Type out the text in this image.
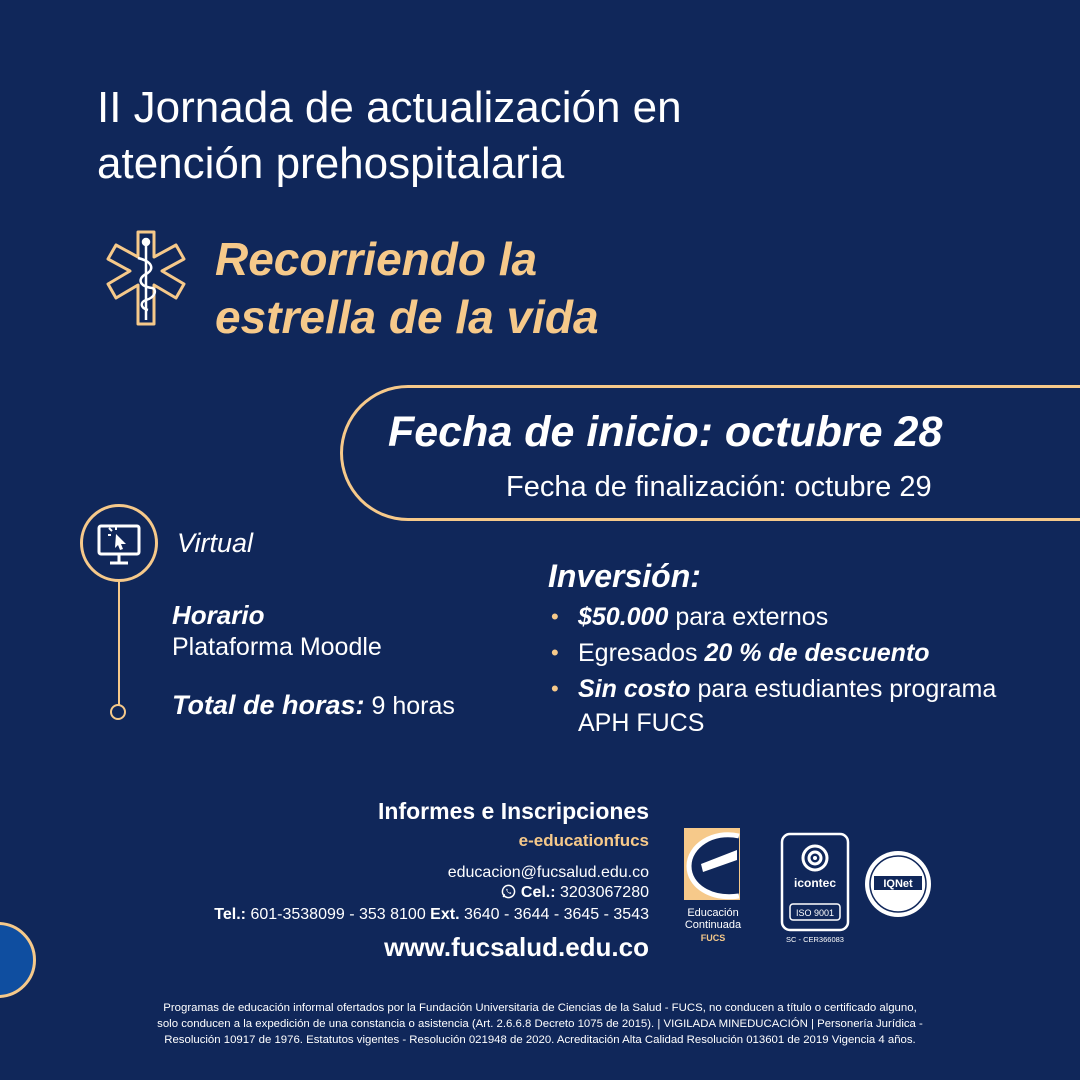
II Jornada de actualización en
atención prehospitalaria
Recorriendo la
estrella de la vida
Fecha de inicio: octubre 28
Fecha de finalización: octubre 29
Virtual
Horario
Plataforma Moodle
Total de horas: 9 horas
Inversión:
• $50.000 para externos
• Egresados 20 % de descuento
• Sin costo para estudiantes programa APH FUCS
Informes e Inscripciones
e-educationfucs
educacion@fucsalud.edu.co
Cel.: 3203067280
Tel.: 601-3538099 - 353 8100 Ext. 3640 - 3644 - 3645 - 3543
www.fucsalud.edu.co
Educación
Continuada
FUCS
icontec
ISO 9001
SC - CER366083
IQNet
Programas de educación informal ofertados por la Fundación Universitaria de Ciencias de la Salud - FUCS, no conducen a título o certificado alguno,
solo conducen a la expedición de una constancia o asistencia (Art. 2.6.6.8 Decreto 1075 de 2015). | VIGILADA MINEDUCACIÓN | Personería Jurídica -
Resolución 10917 de 1976. Estatutos vigentes - Resolución 021948 de 2020. Acreditación Alta Calidad Resolución 013601 de 2019 Vigencia 4 años.
